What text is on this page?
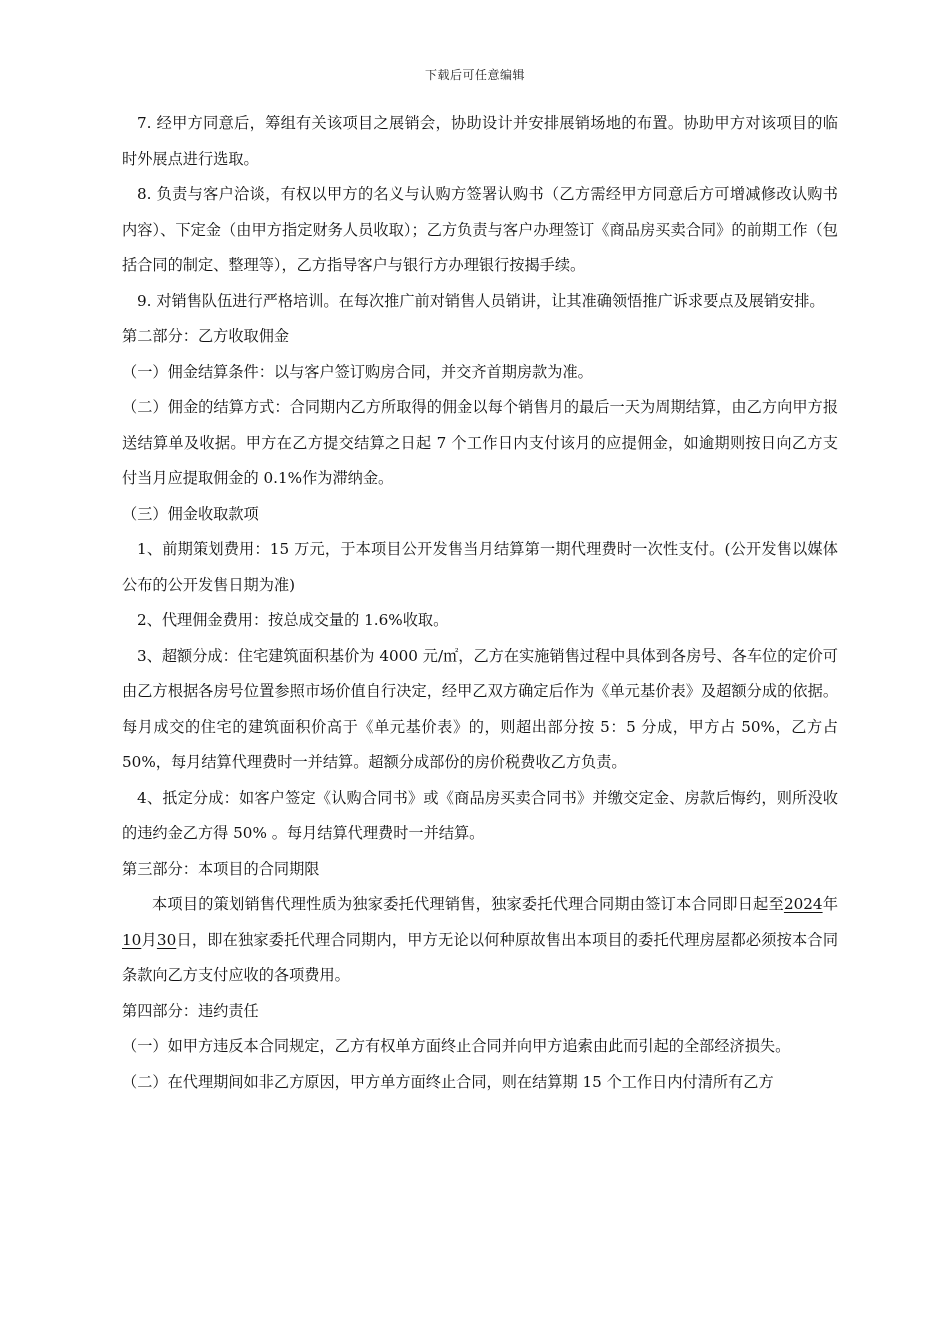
下载后可任意编辑

7. 经甲方同意后，筹组有关该项目之展销会，协助设计并安排展销场地的布置。协助甲方对该项目的临时外展点进行选取。

8. 负责与客户洽谈，有权以甲方的名义与认购方签署认购书（乙方需经甲方同意后方可增减修改认购书内容）、下定金（由甲方指定财务人员收取）；乙方负责与客户办理签订《商品房买卖合同》的前期工作（包括合同的制定、整理等），乙方指导客户与银行方办理银行按揭手续。

9. 对销售队伍进行严格培训。在每次推广前对销售人员销讲，让其准确领悟推广诉求要点及展销安排。

第二部分：乙方收取佣金

（一）佣金结算条件：以与客户签订购房合同，并交齐首期房款为准。

（二）佣金的结算方式：合同期内乙方所取得的佣金以每个销售月的最后一天为周期结算，由乙方向甲方报送结算单及收据。甲方在乙方提交结算之日起 7 个工作日内支付该月的应提佣金，如逾期则按日向乙方支付当月应提取佣金的 0.1%作为滞纳金。

（三）佣金收取款项

1、前期策划费用：15 万元，于本项目公开发售当月结算第一期代理费时一次性支付。(公开发售以媒体公布的公开发售日期为准)

2、代理佣金费用：按总成交量的 1.6%收取。

3、超额分成：住宅建筑面积基价为 4000 元/㎡，乙方在实施销售过程中具体到各房号、各车位的定价可由乙方根据各房号位置参照市场价值自行决定，经甲乙双方确定后作为《单元基价表》及超额分成的依据。每月成交的住宅的建筑面积价高于《单元基价表》的，则超出部分按 5：5 分成，甲方占 50%，乙方占 50%，每月结算代理费时一并结算。超额分成部份的房价税费收乙方负责。

4、扺定分成：如客户签定《认购合同书》或《商品房买卖合同书》并缴交定金、房款后悔约，则所没收的违约金乙方得 50% 。每月结算代理费时一并结算。

第三部分：本项目的合同期限

本项目的策划销售代理性质为独家委托代理销售，独家委托代理合同期由签订本合同即日起至2024年10月30日，即在独家委托代理合同期内，甲方无论以何种原故售出本项目的委托代理房屋都必须按本合同条款向乙方支付应收的各项费用。

第四部分：违约责任

（一）如甲方违反本合同规定，乙方有权单方面终止合同并向甲方追索由此而引起的全部经济损失。

（二）在代理期间如非乙方原因，甲方单方面终止合同，则在结算期 15 个工作日内付清所有乙方
